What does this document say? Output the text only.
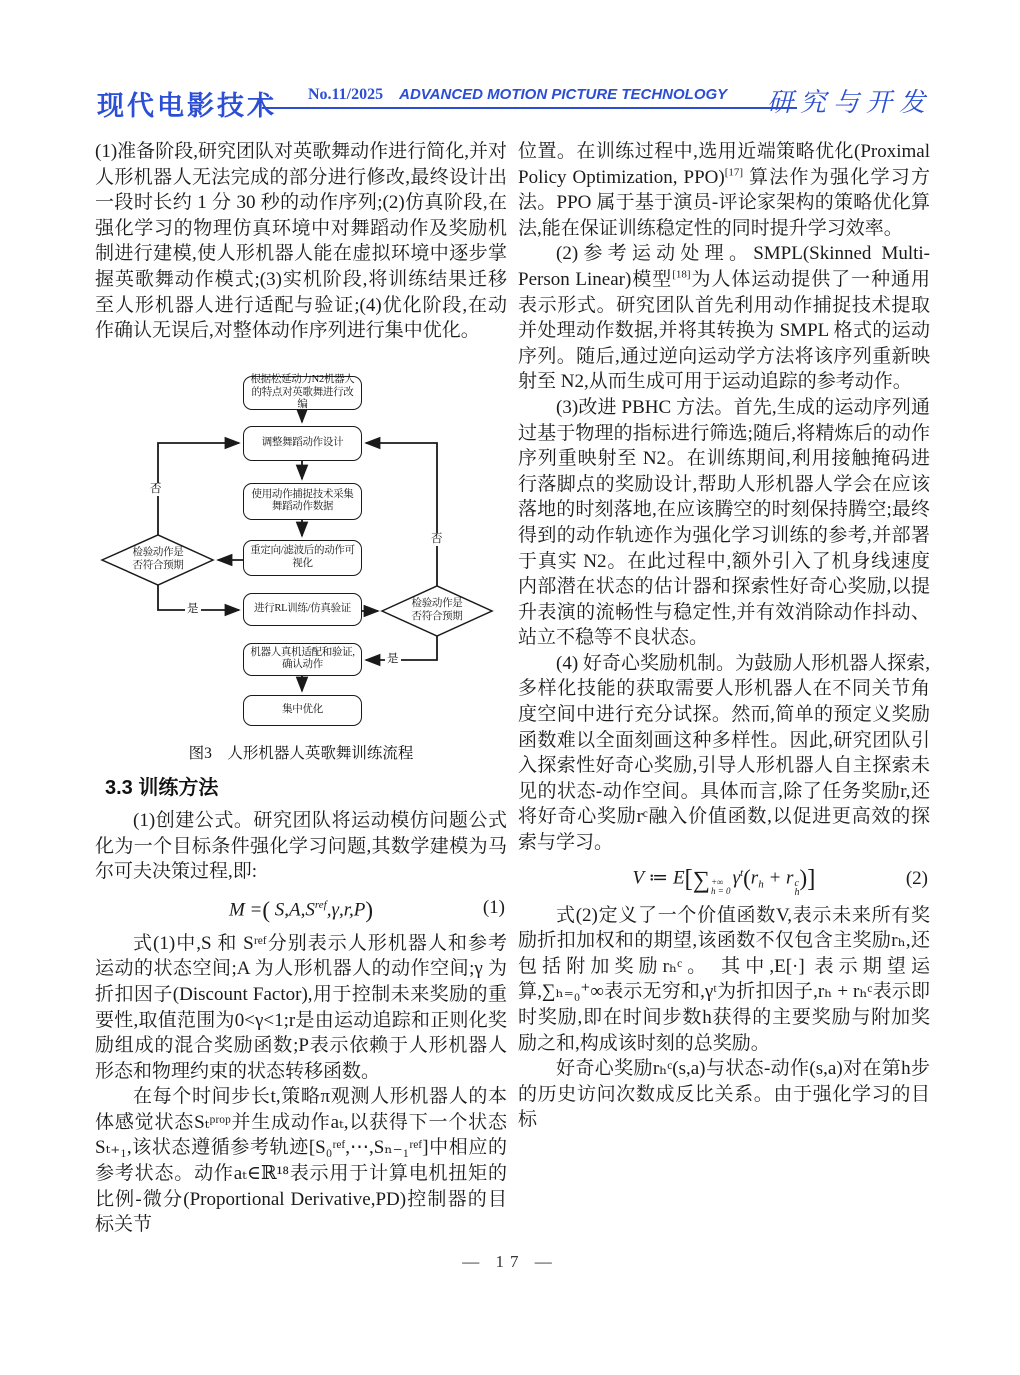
现代电影技术 No.11/2025 ADVANCED MOTION PICTURE TECHNOLOGY 研究与开发

(1)准备阶段,研究团队对英歌舞动作进行简化,并对人形机器人无法完成的部分进行修改,最终设计出一段时长约 1 分 30 秒的动作序列;(2)仿真阶段,在强化学习的物理仿真环境中对舞蹈动作及奖励机制进行建模,使人形机器人能在虚拟环境中逐步掌握英歌舞动作模式;(3)实机阶段,将训练结果迁移至人形机器人进行适配与验证;(4)优化阶段,在动作确认无误后,对整体动作序列进行集中优化。

根据松延动力N2机器人的特点对英歌舞进行改编
调整舞蹈动作设计
使用动作捕捉技术采集舞蹈动作数据
重定向/滤波后的动作可视化
进行RL训练/仿真验证
机器人真机适配和验证,确认动作
集中优化
检验动作是否符合预期
检验动作是否符合预期
否
否
是
是
图3　人形机器人英歌舞训练流程
3.3 训练方法

(1)创建公式。研究团队将运动模仿问题公式化为一个目标条件强化学习问题,其数学建模为马尔可夫决策过程,即:

M =( $S,A,S^{ref},\gamma,r,P$)	(1)

式(1)中,S 和 Sʳᵉᶠ分别表示人形机器人和参考运动的状态空间;A 为人形机器人的动作空间;γ 为折扣因子(Discount Factor),用于控制未来奖励的重要性,取值范围为0<γ<1;r是由运动追踪和正则化奖励组成的混合奖励函数;P表示依赖于人形机器人形态和物理约束的状态转移函数。

在每个时间步长t,策略π观测人形机器人的本体感觉状态Sₜᵖʳᵒᵖ并生成动作aₜ,以获得下一个状态Sₜ₊₁,该状态遵循参考轨迹[S₀ʳᵉᶠ,⋯,Sₙ₋₁ʳᵉᶠ]中相应的参考状态。动作aₜ∈ℝ¹⁸表示用于计算电机扭矩的比例-微分(Proportional Derivative,PD)控制器的目标关节

位置。在训练过程中,选用近端策略优化(Proximal Policy Optimization, PPO)[17] 算法作为强化学习方法。PPO 属于基于演员-评论家架构的策略优化算法,能在保证训练稳定性的同时提升学习效率。

(2)参考运动处理。SMPL(Skinned Multi-Person Linear)模型[18]为人体运动提供了一种通用表示形式。研究团队首先利用动作捕捉技术提取并处理动作数据,并将其转换为 SMPL 格式的运动序列。随后,通过逆向运动学方法将该序列重新映射至 N2,从而生成可用于运动追踪的参考动作。

(3)改进 PBHC 方法。首先,生成的运动序列通过基于物理的指标进行筛选;随后,将精炼后的动作序列重映射至 N2。在训练期间,利用接触掩码进行落脚点的奖励设计,帮助人形机器人学会在应该落地的时刻落地,在应该腾空的时刻保持腾空;最终得到的动作轨迹作为强化学习训练的参考,并部署于真实 N2。在此过程中,额外引入了机身线速度内部潜在状态的估计器和探索性好奇心奖励,以提升表演的流畅性与稳定性,并有效消除动作抖动、站立不稳等不良状态。

(4) 好奇心奖励机制。为鼓励人形机器人探索,多样化技能的获取需要人形机器人在不同关节角度空间中进行充分试探。然而,简单的预定义奖励函数难以全面刻画这种多样性。因此,研究团队引入探索性好奇心奖励,引导人形机器人自主探索未见的状态-动作空间。具体而言,除了任务奖励r,还将好奇心奖励rᶜ融入价值函数,以促进更高效的探索与学习。

V ≔ E[∑ +∞
h = 0
$\gamma^t(r_h + r$ c
h
)]	(2)

式(2)定义了一个价值函数V,表示未来所有奖励折扣加权和的期望,该函数不仅包含主奖励rₕ,还包括附加奖励rₕᶜ。 其中,E[·] 表示期望运算,∑ₕ₌₀⁺∞表示无穷和,γᵗ为折扣因子,rₕ + rₕᶜ表示即时奖励,即在时间步数h获得的主要奖励与附加奖励之和,构成该时刻的总奖励。

好奇心奖励rₕᶜ(s,a)与状态-动作(s,a)对在第h步的历史访问次数成反比关系。由于强化学习的目标

— 17 —
